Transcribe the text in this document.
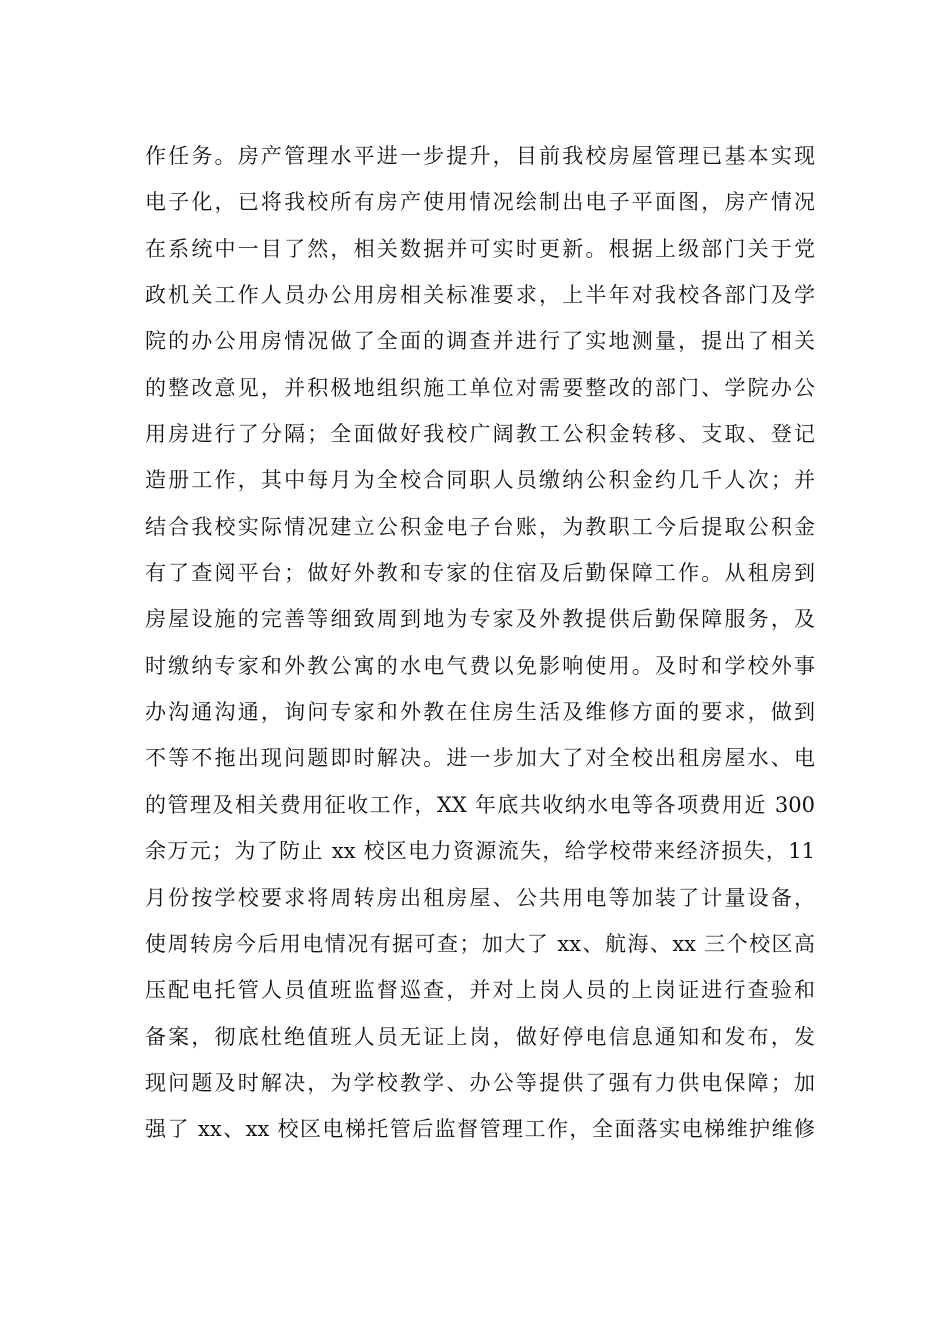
作任务。房产管理水平进一步提升，目前我校房屋管理已基本实现
电子化，已将我校所有房产使用情况绘制出电子平面图，房产情况
在系统中一目了然，相关数据并可实时更新。根据上级部门关于党
政机关工作人员办公用房相关标准要求，上半年对我校各部门及学
院的办公用房情况做了全面的调查并进行了实地测量，提出了相关
的整改意见，并积极地组织施工单位对需要整改的部门、学院办公
用房进行了分隔；全面做好我校广阔教工公积金转移、支取、登记
造册工作，其中每月为全校合同职人员缴纳公积金约几千人次；并
结合我校实际情况建立公积金电子台账，为教职工今后提取公积金
有了查阅平台；做好外教和专家的住宿及后勤保障工作。从租房到
房屋设施的完善等细致周到地为专家及外教提供后勤保障服务，及
时缴纳专家和外教公寓的水电气费以免影响使用。及时和学校外事
办沟通沟通，询问专家和外教在住房生活及维修方面的要求，做到
不等不拖出现问题即时解决。进一步加大了对全校出租房屋水、电
的管理及相关费用征收工作，XX 年底共收纳水电等各项费用近 300
余万元；为了防止 xx 校区电力资源流失，给学校带来经济损失，11
月份按学校要求将周转房出租房屋、公共用电等加装了计量设备，
使周转房今后用电情况有据可查；加大了 xx、航海、xx 三个校区高
压配电托管人员值班监督巡查，并对上岗人员的上岗证进行查验和
备案，彻底杜绝值班人员无证上岗，做好停电信息通知和发布，发
现问题及时解决，为学校教学、办公等提供了强有力供电保障；加
强了 xx、xx 校区电梯托管后监督管理工作，全面落实电梯维护维修
